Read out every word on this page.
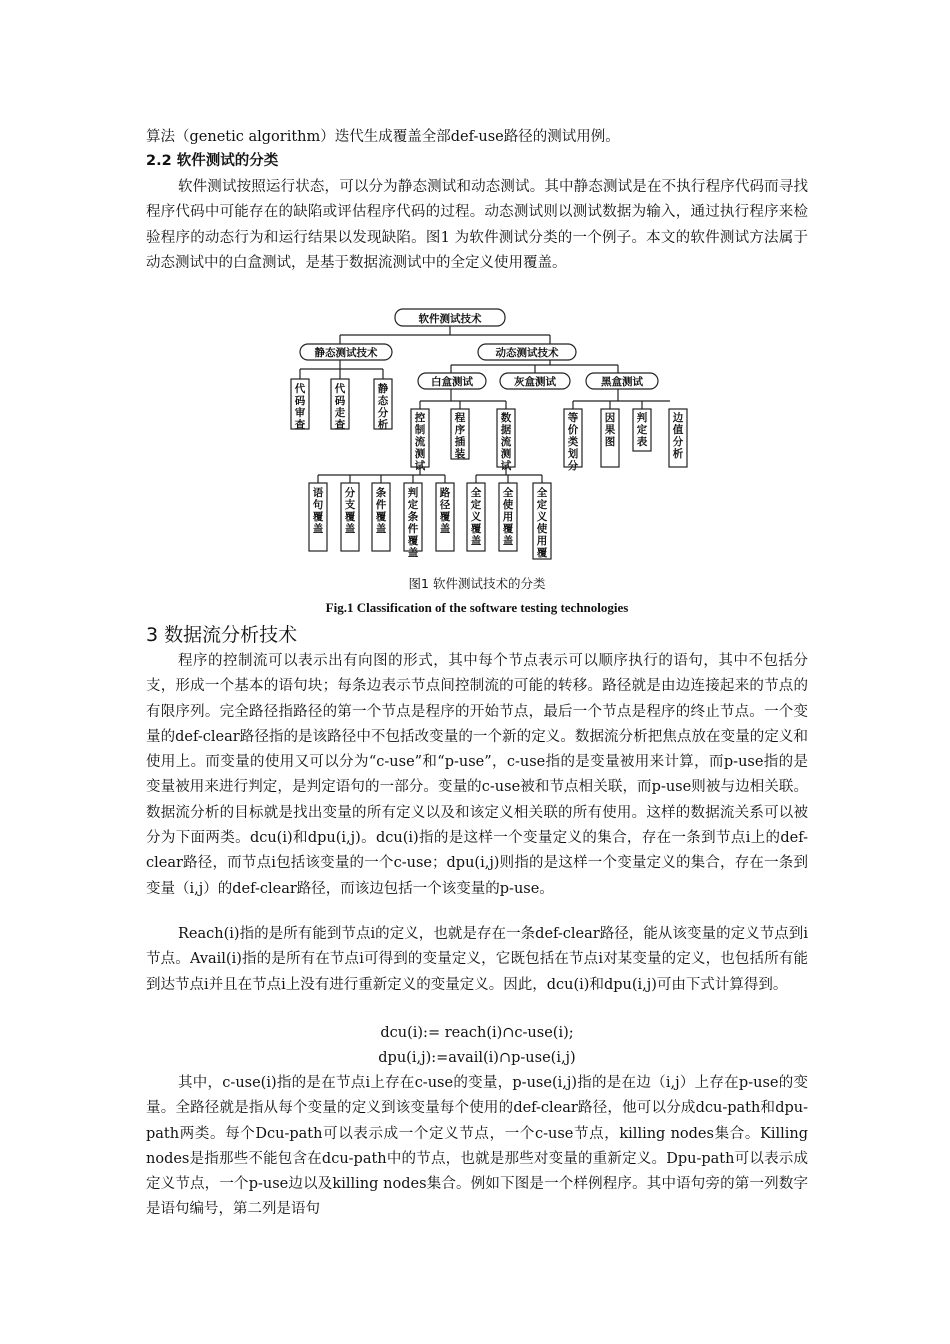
算法（genetic algorithm）迭代生成覆盖全部def-use路径的测试用例。

2.2 软件测试的分类

软件测试按照运行状态，可以分为静态测试和动态测试。其中静态测试是在不执行程序代码而寻找程序代码中可能存在的缺陷或评估程序代码的过程。动态测试则以测试数据为输入，通过执行程序来检验程序的动态行为和运行结果以发现缺陷。图1 为软件测试分类的一个例子。本文的软件测试方法属于动态测试中的白盒测试，是基于数据流测试中的全定义使用覆盖。

软件测试技术
静态测试技术	动态测试技术
白盒测试	灰盒测试	黑盒测试
代
码
审
查
代
码
走
查
静
态
分
析
控
制
流
测
试
程
序
插
装
数
据
流
测
试
等
价
类
划
分
因
果
图
判
定
表
语
句
覆
盖
分
支
覆
盖
条
件
覆
盖
判
定
条
件
覆
盖
路
径
覆
盖
全
定
义
覆
盖
全
使
用
覆
盖
全
定
义
使
用
覆
边
值
分
析

图1 软件测试技术的分类

Fig.1 Classification of the software testing technologies

3 数据流分析技术

程序的控制流可以表示出有向图的形式，其中每个节点表示可以顺序执行的语句，其中不包括分支，形成一个基本的语句块；每条边表示节点间控制流的可能的转移。路径就是由边连接起来的节点的有限序列。完全路径指路径的第一个节点是程序的开始节点，最后一个节点是程序的终止节点。一个变量的def-clear路径指的是该路径中不包括改变量的一个新的定义。数据流分析把焦点放在变量的定义和使用上。而变量的使用又可以分为“c-use”和“p-use”，c-use指的是变量被用来计算，而p-use指的是变量被用来进行判定，是判定语句的一部分。变量的c-use被和节点相关联，而p-use则被与边相关联。数据流分析的目标就是找出变量的所有定义以及和该定义相关联的所有使用。这样的数据流关系可以被分为下面两类。dcu(i)和dpu(i,j)。dcu(i)指的是这样一个变量定义的集合，存在一条到节点i上的def-clear路径，而节点i包括该变量的一个c-use；dpu(i,j)则指的是这样一个变量定义的集合，存在一条到变量（i,j）的def-clear路径，而该边包括一个该变量的p-use。

Reach(i)指的是所有能到节点i的定义，也就是存在一条def-clear路径，能从该变量的定义节点到i节点。Avail(i)指的是所有在节点i可得到的变量定义，它既包括在节点i对某变量的定义，也包括所有能到达节点i并且在节点i上没有进行重新定义的变量定义。因此，dcu(i)和dpu(i,j)可由下式计算得到。

dcu(i):= reach(i)∩c-use(i);

dpu(i,j):=avail(i)∩p-use(i,j)

其中，c-use(i)指的是在节点i上存在c-use的变量，p-use(i,j)指的是在边（i,j）上存在p-use的变量。全路径就是指从每个变量的定义到该变量每个使用的def-clear路径，他可以分成dcu-path和dpu-path两类。每个Dcu-path可以表示成一个定义节点，一个c-use节点，killing nodes集合。Killing nodes是指那些不能包含在dcu-path中的节点，也就是那些对变量的重新定义。Dpu-path可以表示成定义节点，一个p-use边以及killing nodes集合。例如下图是一个样例程序。其中语句旁的第一列数字是语句编号，第二列是语句
